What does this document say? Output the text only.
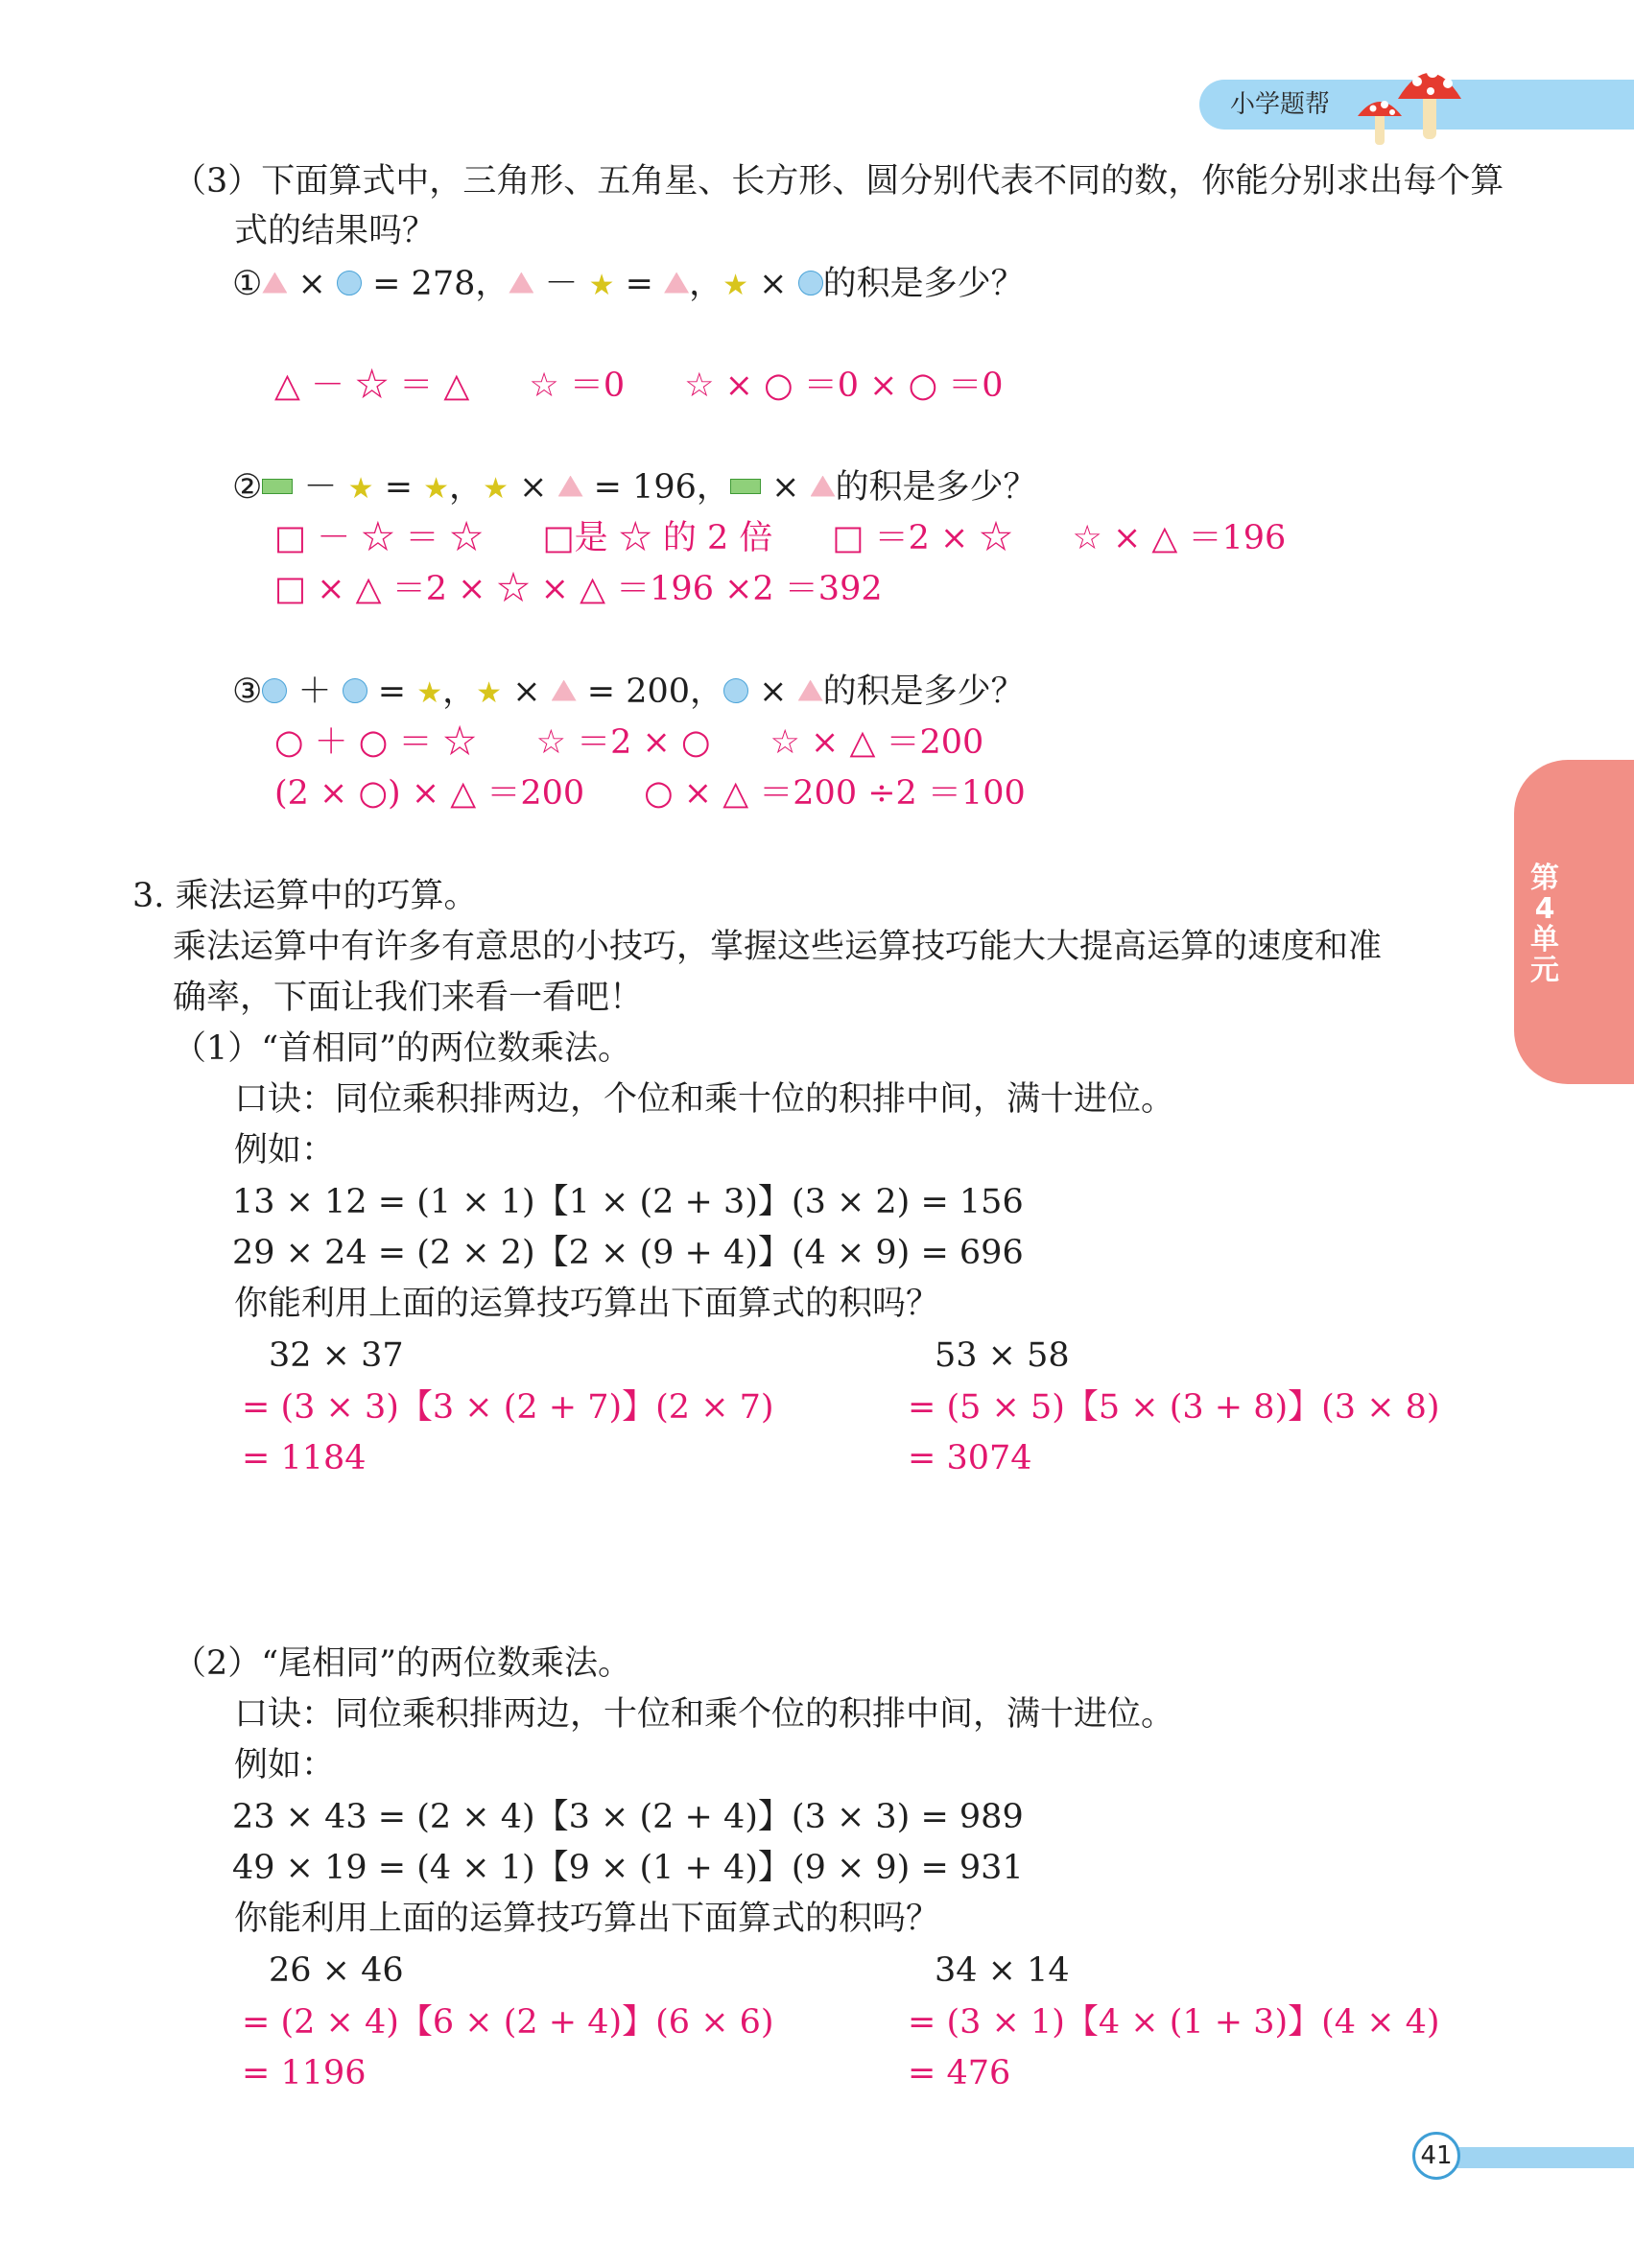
小学题帮
第4单元
（3）下面算式中，三角形、五角星、长方形、圆分别代表不同的数，你能分别求出每个算
式的结果吗？
① ×  = 278， － ★ = ，★ × 的积是多少？
△ － ☆ ＝ △ ☆ ＝0 ☆ × ○ ＝0 × ○ ＝0
② － ★ = ★，★ ×  = 196， × 的积是多少？
□ － ☆ ＝ ☆ □是 ☆ 的 2 倍 □ ＝2 × ☆ ☆ × △ ＝196
□ × △ ＝2 × ☆ × △ ＝196 ×2 ＝392
③ ＋  = ★，★ ×  = 200， × 的积是多少？
○ ＋ ○ ＝ ☆ ☆ ＝2 × ○ ☆ × △ ＝200
(2 × ○) × △ ＝200 ○ × △ ＝200 ÷2 ＝100
3. 乘法运算中的巧算。
乘法运算中有许多有意思的小技巧，掌握这些运算技巧能大大提高运算的速度和准
确率，下面让我们来看一看吧！
（1）“首相同”的两位数乘法。
口诀：同位乘积排两边，个位和乘十位的积排中间，满十进位。
例如：
13 × 12 = (1 × 1)【1 × (2 + 3)】(3 × 2) = 156
29 × 24 = (2 × 2)【2 × (9 + 4)】(4 × 9) = 696
你能利用上面的运算技巧算出下面算式的积吗？
32 × 37	53 × 58
= (3 × 3)【3 × (2 + 7)】(2 × 7)
= 1184
= (5 × 5)【5 × (3 + 8)】(3 × 8)
= 3074
（2）“尾相同”的两位数乘法。
口诀：同位乘积排两边，十位和乘个位的积排中间，满十进位。
例如：
23 × 43 = (2 × 4)【3 × (2 + 4)】(3 × 3) = 989
49 × 19 = (4 × 1)【9 × (1 + 4)】(9 × 9) = 931
你能利用上面的运算技巧算出下面算式的积吗？
26 × 46	34 × 14
= (2 × 4)【6 × (2 + 4)】(6 × 6)
= 1196
= (3 × 1)【4 × (1 + 3)】(4 × 4)
= 476
41
